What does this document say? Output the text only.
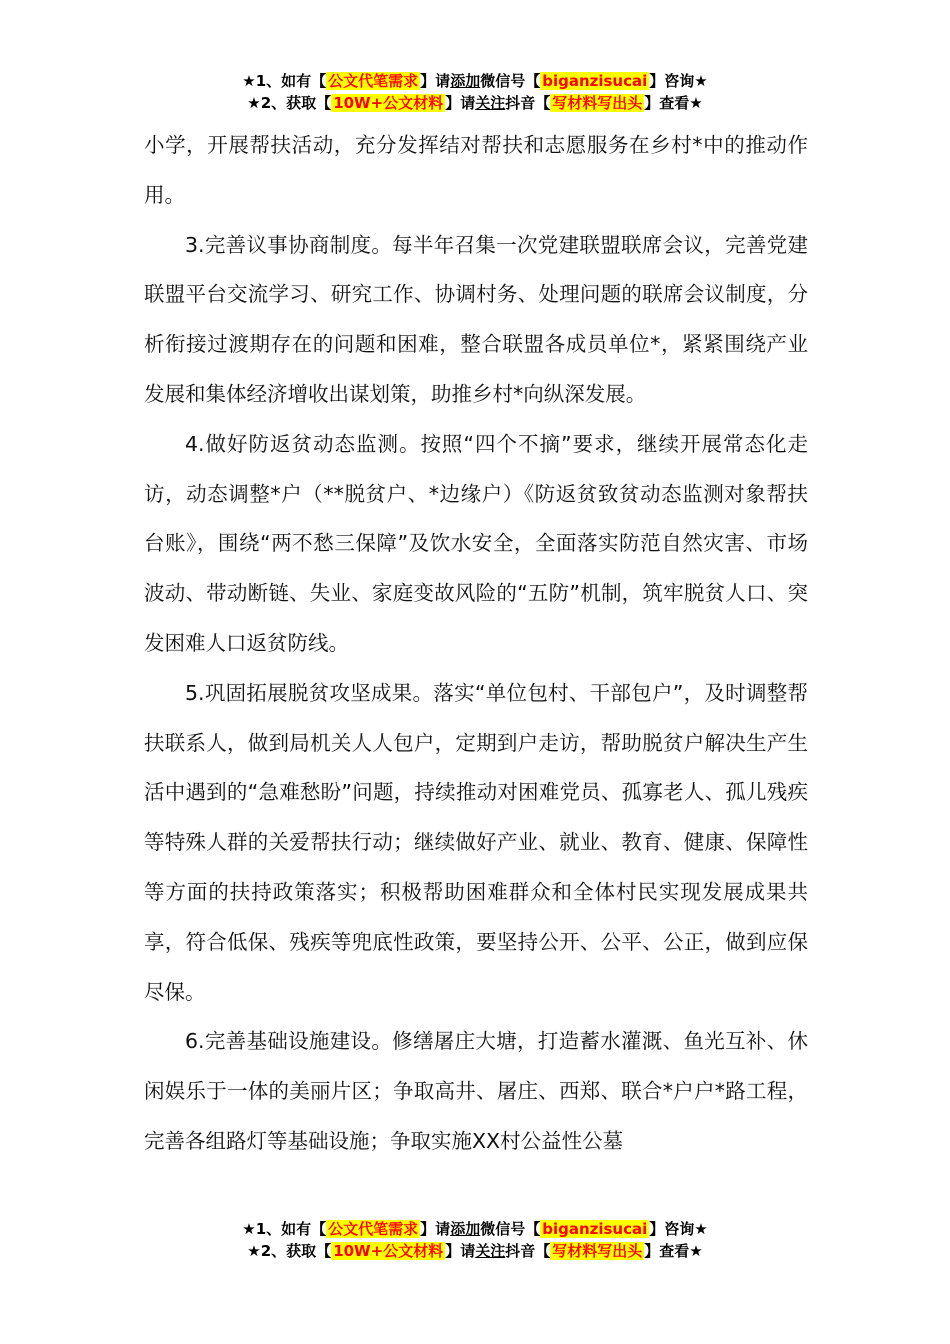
★1、如有【 公文代笔需求 】请添加微信号【 biganzisucai 】咨询★
★2、获取【 10W+公文材料 】请关注抖音【 写材料写出头 】查看★

小学，开展帮扶活动，充分发挥结对帮扶和志愿服务在乡村*中的推动作用。

3.完善议事协商制度。每半年召集一次党建联盟联席会议，完善党建联盟平台交流学习、研究工作、协调村务、处理问题的联席会议制度，分析衔接过渡期存在的问题和困难，整合联盟各成员单位*，紧紧围绕产业发展和集体经济增收出谋划策，助推乡村*向纵深发展。

4.做好防返贫动态监测。按照“四个不摘”要求，继续开展常态化走访，动态调整*户（**脱贫户、*边缘户）《防返贫致贫动态监测对象帮扶台账》，围绕“两不愁三保障”及饮水安全，全面落实防范自然灾害、市场波动、带动断链、失业、家庭变故风险的“五防”机制，筑牢脱贫人口、突发困难人口返贫防线。

5.巩固拓展脱贫攻坚成果。落实“单位包村、干部包户”，及时调整帮扶联系人，做到局机关人人包户，定期到户走访，帮助脱贫户解决生产生活中遇到的“急难愁盼”问题，持续推动对困难党员、孤寡老人、孤儿残疾等特殊人群的关爱帮扶行动；继续做好产业、就业、教育、健康、保障性等方面的扶持政策落实；积极帮助困难群众和全体村民实现发展成果共享，符合低保、残疾等兜底性政策，要坚持公开、公平、公正，做到应保尽保。

6.完善基础设施建设。修缮屠庄大塘，打造蓄水灌溉、鱼光互补、休闲娱乐于一体的美丽片区；争取高井、屠庄、西郑、联合*户户*路工程，完善各组路灯等基础设施；争取实施XX村公益性公墓

★1、如有【 公文代笔需求 】请添加微信号【 biganzisucai 】咨询★
★2、获取【 10W+公文材料 】请关注抖音【 写材料写出头 】查看★
